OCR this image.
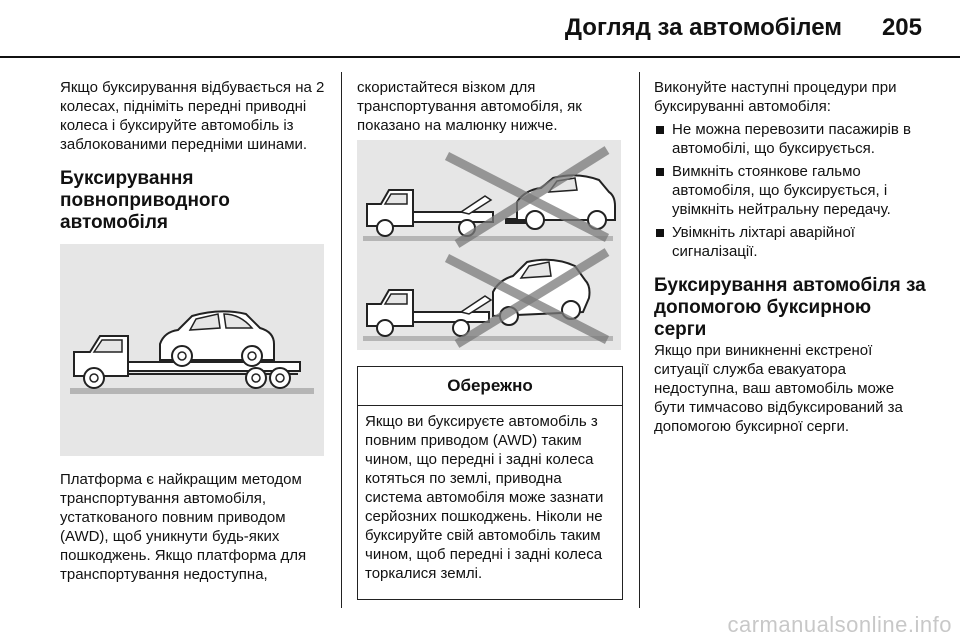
Догляд за автомобілем 205

Якщо буксирування відбувається на 2 колесах, підніміть передні приводні колеса і буксируйте автомобіль із заблокованими передніми шинами.

Буксирування повноприводного автомобіля

Платформа є найкращим методом транспортування автомобіля, устаткованого повним приводом (AWD), щоб уникнути будь-яких пошкоджень. Якщо платформа для транспортування недоступна,

скористайтеся візком для транспортування автомобіля, як показано на малюнку нижче.

Обережно
Якщо ви буксируєте автомобіль з повним приводом (AWD) таким чином, що передні і задні колеса котяться по землі, приводна система автомобіля може зазнати серйозних пошкоджень. Ніколи не буксируйте свій автомобіль таким чином, щоб передні і задні колеса торкалися землі.

Виконуйте наступні процедури при буксируванні автомобіля:

Не можна перевозити пасажирів в автомобілі, що буксирується.
Вимкніть стоянкове гальмо автомобіля, що буксирується, і увімкніть нейтральну передачу.
Увімкніть ліхтарі аварійної сигналізації.

Буксирування автомобіля за допомогою буксирною серги

Якщо при виникненні екстреної ситуації служба евакуатора недоступна, ваш автомобіль може бути тимчасово відбуксирований за допомогою буксирної серги.

carmanualsonline.info
